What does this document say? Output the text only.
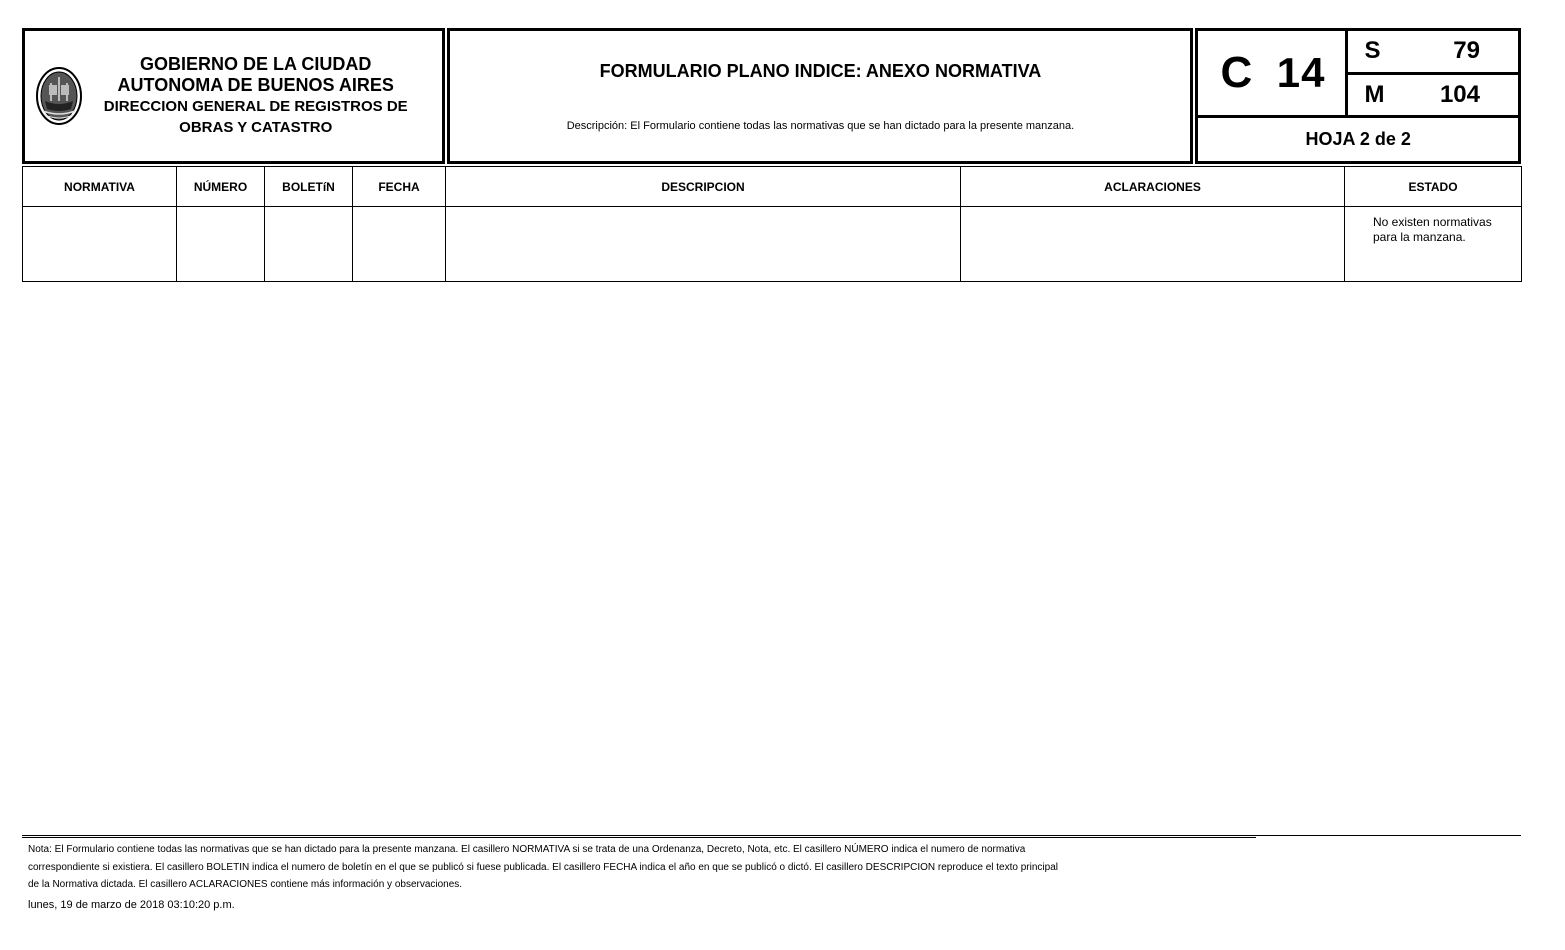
GOBIERNO DE LA CIUDAD
AUTONOMA DE BUENOS AIRES
DIRECCION GENERAL DE REGISTROS DE
OBRAS Y CATASTRO
FORMULARIO PLANO INDICE: ANEXO NORMATIVA
Descripción: El Formulario contiene todas las normativas que se han dictado para la presente manzana.
C 14 S	79
M 104
HOJA 2 de 2
NORMATIVA	NÚMERO	BOLETíN	FECHA	DESCRIPCION	ACLARACIONES	ESTADO
						No existen normativas para la manzana.
Nota: El Formulario contiene todas las normativas que se han dictado para la presente manzana. El casillero NORMATIVA si se trata de una Ordenanza, Decreto, Nota, etc. El casillero NÚMERO indica el numero de normativa
correspondiente si existiera. El casillero BOLETIN indica el numero de boletín en el que se publicó si fuese publicada. El casillero FECHA indica el año en que se publicó o dictó. El casillero DESCRIPCION reproduce el texto principal
de la Normativa dictada. El casillero ACLARACIONES contiene más información y observaciones.
lunes, 19 de marzo de 2018 03:10:20 p.m.
